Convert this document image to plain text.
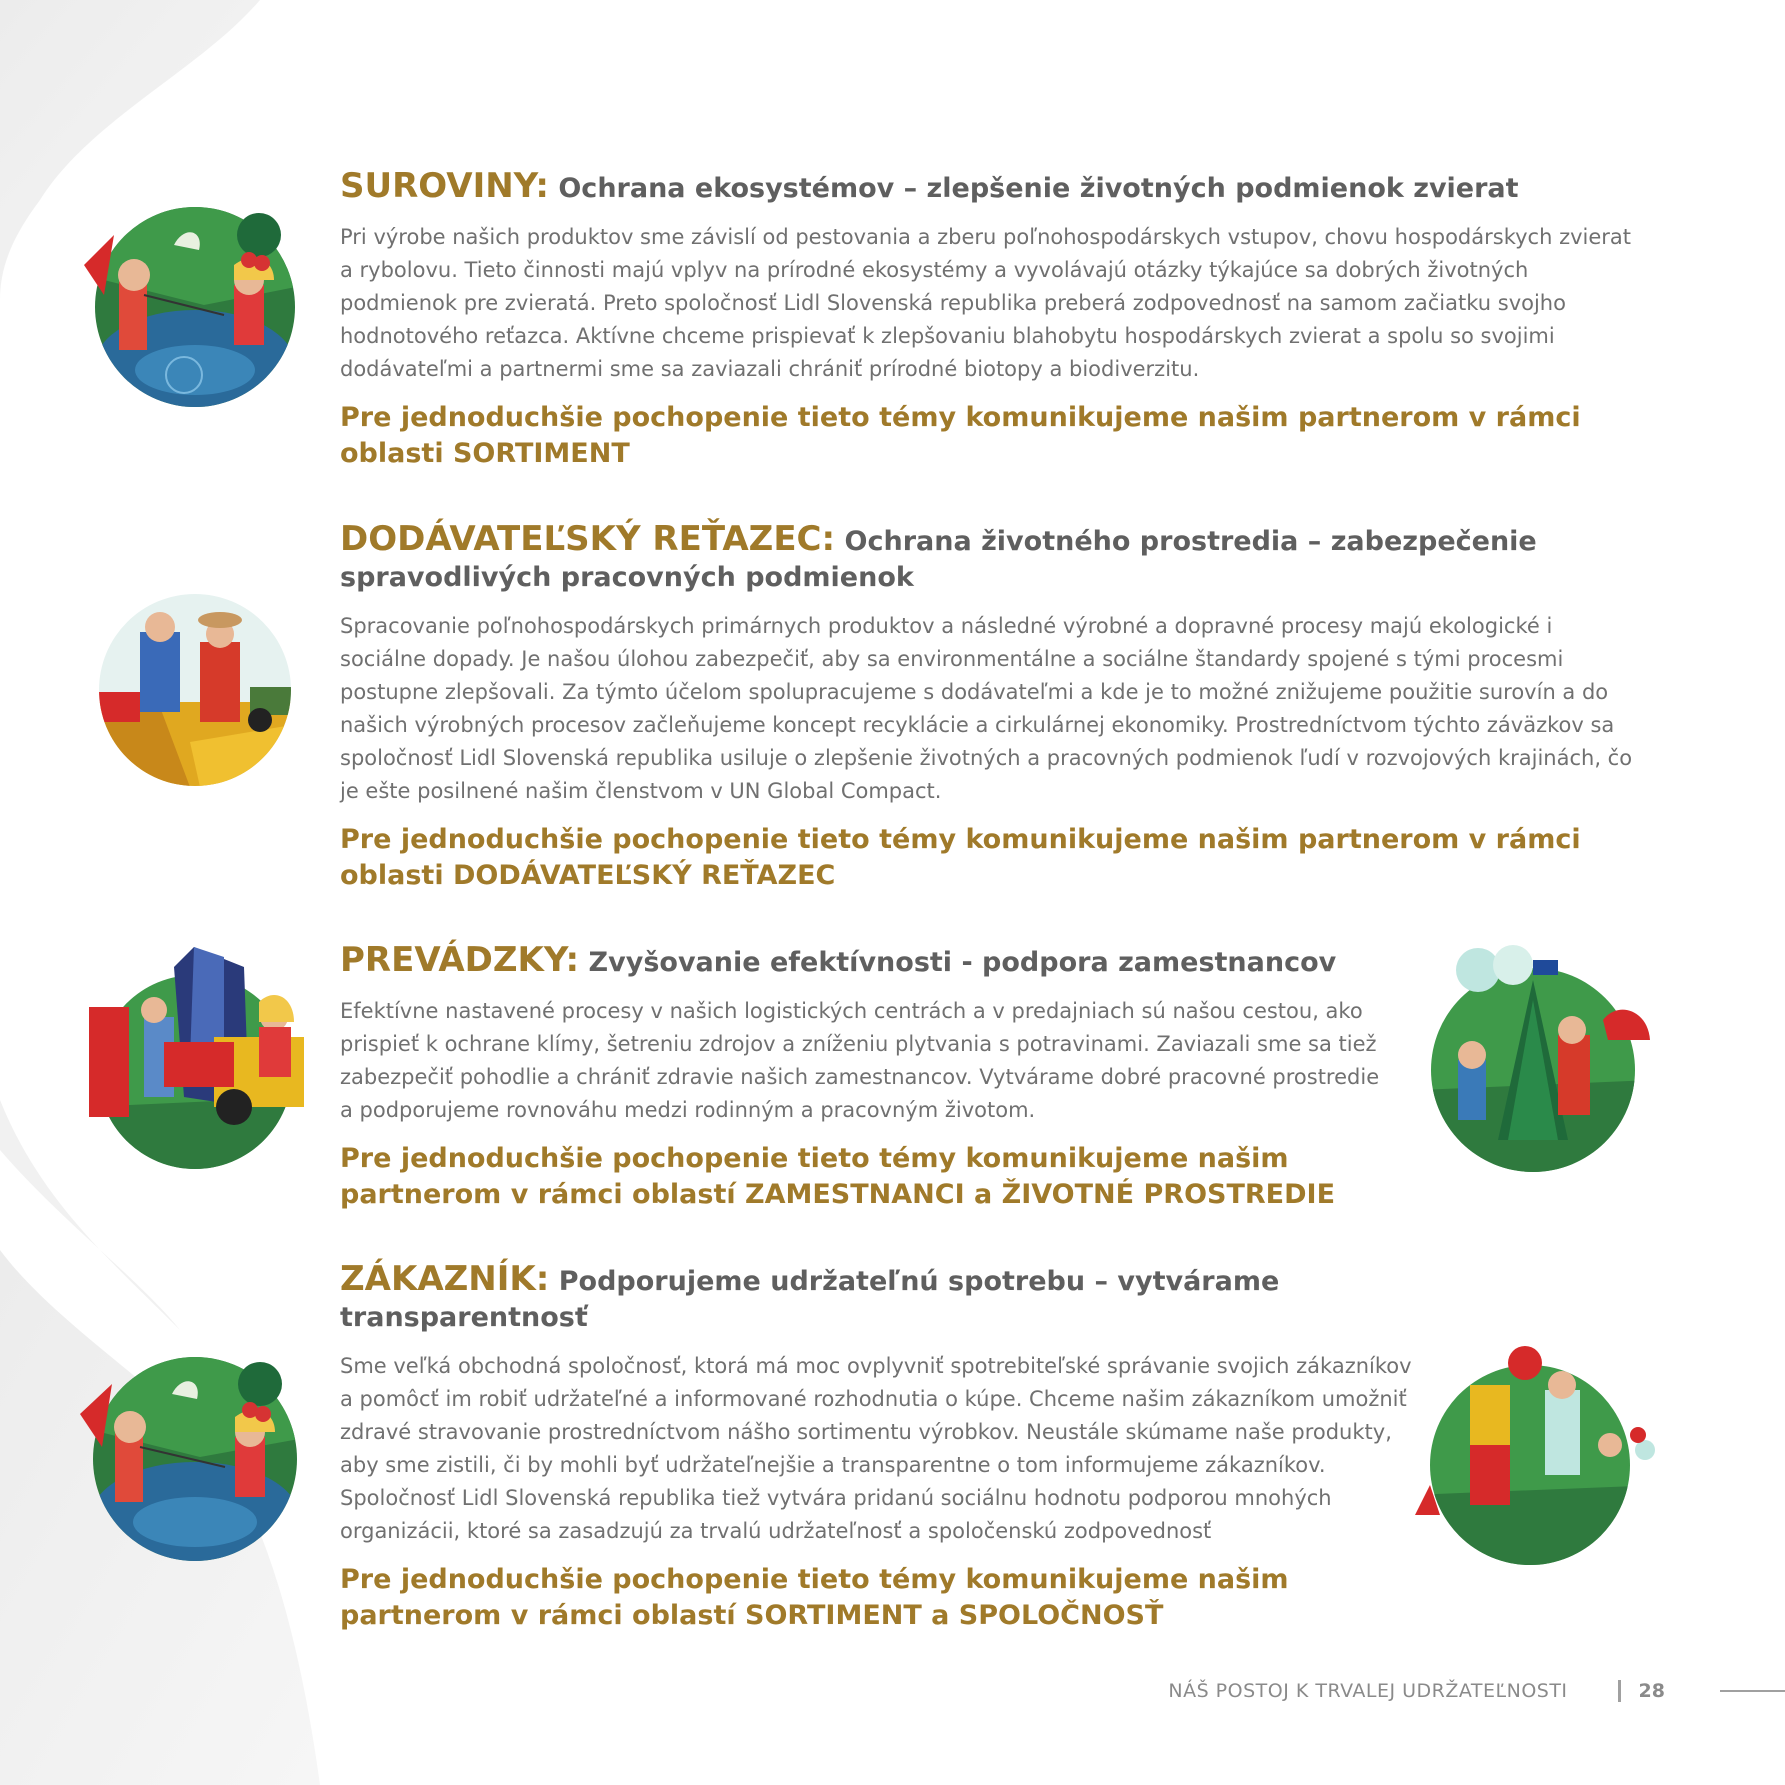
SUROVINY: Ochrana ekosystémov – zlepšenie životných podmienok zvierat

Pri výrobe našich produktov sme závislí od pestovania a zberu poľnohospodárskych vstupov, chovu hospodárskych zvierat a rybolovu. Tieto činnosti majú vplyv na prírodné ekosystémy a vyvolávajú otázky týkajúce sa dobrých životných podmienok pre zvieratá. Preto spoločnosť Lidl Slovenská republika preberá zodpovednosť na samom začiatku svojho hodnotového reťazca. Aktívne chceme prispievať k zlepšovaniu blahobytu hospodárskych zvierat a spolu so svojimi dodávateľmi a partnermi sme sa zaviazali chrániť prírodné biotopy a biodiverzitu.

Pre jednoduchšie pochopenie tieto témy komunikujeme našim partnerom v rámci oblasti SORTIMENT

DODÁVATEĽSKÝ REŤAZEC: Ochrana životného prostredia – zabezpečenie spravodlivých pracovných podmienok

Spracovanie poľnohospodárskych primárnych produktov a následné výrobné a dopravné procesy majú ekologické i sociálne dopady. Je našou úlohou zabezpečiť, aby sa environmentálne a sociálne štandardy spojené s tými procesmi postupne zlepšovali. Za týmto účelom spolupracujeme s dodávateľmi a kde je to možné znižujeme použitie surovín a do našich výrobných procesov začleňujeme koncept recyklácie a cirkulárnej ekonomiky. Prostredníctvom týchto záväzkov sa spoločnosť Lidl Slovenská republika usiluje o zlepšenie životných a pracovných podmienok ľudí v rozvojových krajinách, čo je ešte posilnené našim členstvom v UN Global Compact.

Pre jednoduchšie pochopenie tieto témy komunikujeme našim partnerom v rámci oblasti DODÁVATEĽSKÝ REŤAZEC

PREVÁDZKY: Zvyšovanie efektívnosti - podpora zamestnancov

Efektívne nastavené procesy v našich logistických centrách a v predajniach sú našou cestou, ako prispieť k ochrane klímy, šetreniu zdrojov a zníženiu plytvania s potravinami. Zaviazali sme sa tiež zabezpečiť pohodlie a chrániť zdravie našich zamestnancov. Vytvárame dobré pracovné prostredie a podporujeme rovnováhu medzi rodinným a pracovným životom.

Pre jednoduchšie pochopenie tieto témy komunikujeme našim partnerom v rámci oblastí ZAMESTNANCI a ŽIVOTNÉ PROSTREDIE

ZÁKAZNÍK: Podporujeme udržateľnú spotrebu – vytvárame transparentnosť

Sme veľká obchodná spoločnosť, ktorá má moc ovplyvniť spotrebiteľské správanie svojich zákazníkov a pomôcť im robiť udržateľné a informované rozhodnutia o kúpe. Chceme našim zákazníkom umožniť zdravé stravovanie prostredníctvom nášho sortimentu výrobkov. Neustále skúmame naše produkty, aby sme zistili, či by mohli byť udržateľnejšie a transparentne o tom informujeme zákazníkov. Spoločnosť Lidl Slovenská republika tiež vytvára pridanú sociálnu hodnotu podporou mnohých organizácii, ktoré sa zasadzujú za trvalú udržateľnosť a spoločenskú zodpovednosť

Pre jednoduchšie pochopenie tieto témy komunikujeme našim partnerom v rámci oblastí SORTIMENT a SPOLOČNOSŤ

NÁŠ POSTOJ K TRVALEJ UDRŽATEĽNOSTI	28
